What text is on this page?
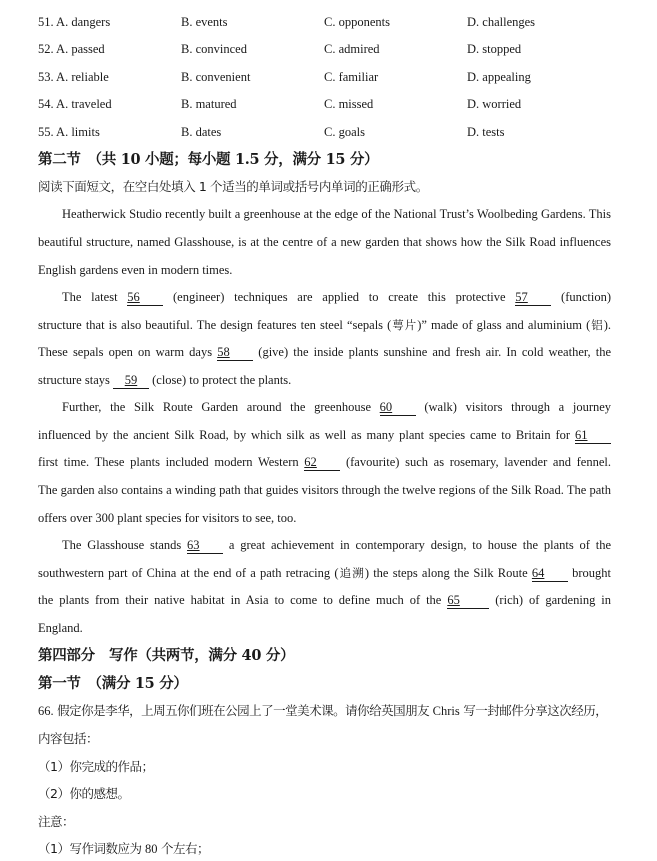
51. A. dangers	B. events	C. opponents	D. challenges
52. A. passed	B. convinced	C. admired	D. stopped
53. A. reliable	B. convenient	C. familiar	D. appealing
54. A. traveled	B. matured	C. missed	D. worried
55. A. limits	B. dates	C. goals	D. tests
第二节　（共 10 小题；每小题 1.5 分，满分 15 分）
阅读下面短文，在空白处填入 1 个适当的单词或括号内单词的正确形式。
Heatherwick Studio recently built a greenhouse at the edge of the National Trust’s Woolbeding Gardens. This
beautiful structure, named Glasshouse, is at the centre of a new garden that shows how the Silk Road influences
English gardens even in modern times.
The latest 56	(engineer) techniques are applied to create this protective 57	(function)
structure that is also beautiful. The design features ten steel “sepals (萼片)” made of glass and aluminium (铝).
These sepals open on warm days 58 (give) the inside plants sunshine and fresh air. In cold weather, the
structure stays 59 (close) to protect the plants.
Further, the Silk Route Garden around the greenhouse 60	(walk) visitors through a journey
influenced by the ancient Silk Road, by which silk as well as many plant species came to Britain for 61
first time. These plants included modern Western 62 (favourite) such as rosemary, lavender and fennel.
The garden also contains a winding path that guides visitors through the twelve regions of the Silk Road. The path
offers over 300 plant species for visitors to see, too.
The Glasshouse stands 63 a great achievement in contemporary design, to house the plants of the
southwestern part of China at the end of a path retracing (追溯) the steps along the Silk Route 64 brought
the plants from their native habitat in Asia to come to define much of the 65	(rich) of gardening in
England.
第四部分　写作（共两节，满分 40 分）
第一节　（满分 15 分）
66. 假定你是李华，上周五你们班在公园上了一堂美术课。请你给英国朋友 Chris 写一封邮件分享这次经历，
内容包括：
（1）你完成的作品；
（2）你的感想。
注意：
（1）写作词数应为 80 个左右；
